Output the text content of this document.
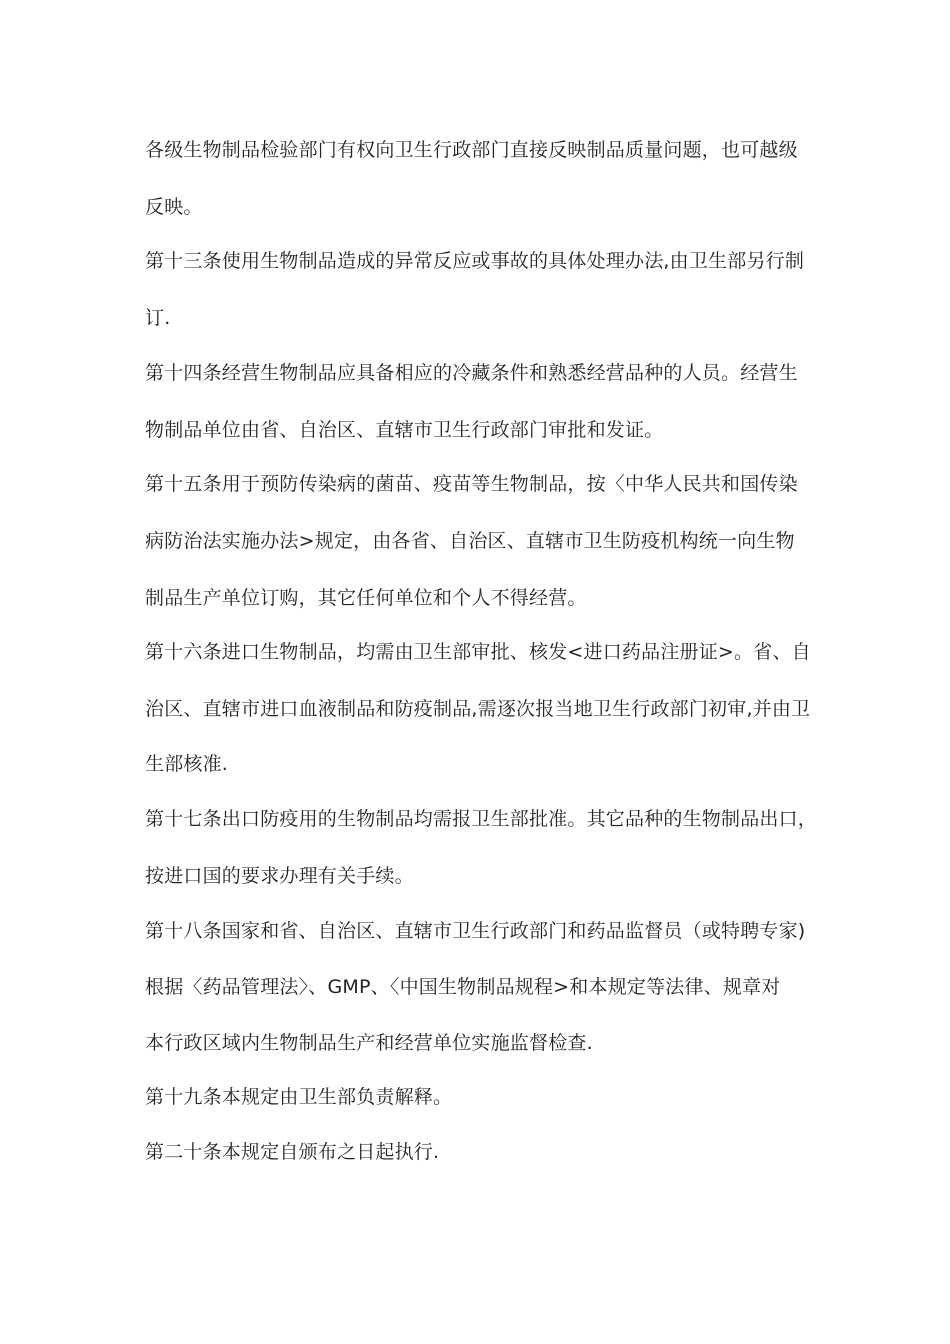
各级生物制品检验部门有权向卫生行政部门直接反映制品质量问题，也可越级
反映。
第十三条使用生物制品造成的异常反应或事故的具体处理办法,由卫生部另行制
订.
第十四条经营生物制品应具备相应的冷藏条件和熟悉经营品种的人员。经营生
物制品单位由省、自治区、直辖市卫生行政部门审批和发证。
第十五条用于预防传染病的菌苗、疫苗等生物制品，按〈中华人民共和国传染
病防治法实施办法>规定，由各省、自治区、直辖市卫生防疫机构统一向生物
制品生产单位订购，其它任何单位和个人不得经营。
第十六条进口生物制品，均需由卫生部审批、核发<进口药品注册证>。省、自
治区、直辖市进口血液制品和防疫制品,需逐次报当地卫生行政部门初审,并由卫
生部核准.
第十七条出口防疫用的生物制品均需报卫生部批准。其它品种的生物制品出口，
按进口国的要求办理有关手续。
第十八条国家和省、自治区、直辖市卫生行政部门和药品监督员（或特聘专家)
根据〈药品管理法〉、GMP、〈中国生物制品规程>和本规定等法律、规章对
本行政区域内生物制品生产和经营单位实施监督检查.
第十九条本规定由卫生部负责解释。
第二十条本规定自颁布之日起执行.
